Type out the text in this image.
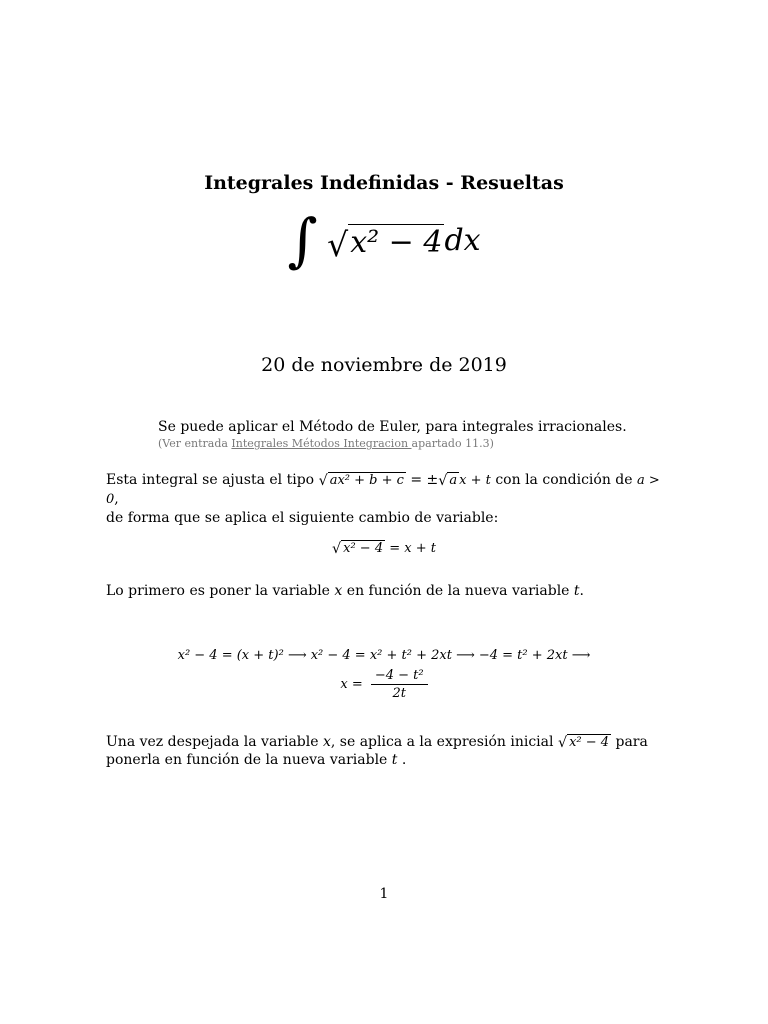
Integrales Indefinidas - Resueltas
∫ √ x² − 4 dx
20 de noviembre de 2019
Se puede aplicar el Método de Euler, para integrales irracionales.
(Ver entrada Integrales Métodos Integracion apartado 11.3)
Esta integral se ajusta el tipo √ ax² + b + c = ± √ a x + t con la condición de a > 0,
de forma que se aplica el siguiente cambio de variable:
√ x² − 4 = x + t
Lo primero es poner la variable x en función de la nueva variable t.
x² − 4 = (x + t)² ⟶ x² − 4 = x² + t² + 2xt ⟶ −4 = t² + 2xt ⟶
$x = \frac{\text{−4 − t²}}{2t}$
Una vez despejada la variable x, se aplica a la expresión inicial √ x² − 4 para
ponerla en función de la nueva variable t .
1
